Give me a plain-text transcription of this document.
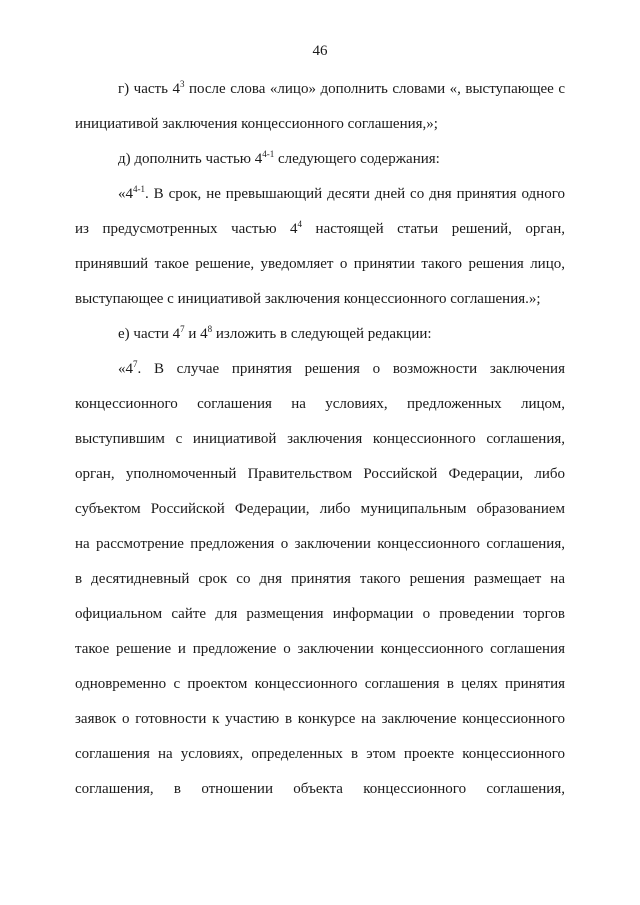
46
г) часть $4^3$ после слова «лицо» дополнить словами «, выступающее с
инициативой заключения концессионного соглашения,»;
д) дополнить частью 4$^{4-1}$ следующего содержания:
«4$^{4-1}$. В срок, не превышающий десяти дней со дня принятия одного
из предусмотренных частью $4^4$ настоящей статьи решений, орган,
принявший такое решение, уведомляет о принятии такого решения лицо,
выступающее с инициативой заключения концессионного соглашения.»;
е) части $4^7$ и $4^8$ изложить в следующей редакции:
«$4^7$. В случае принятия решения о возможности заключения
концессионного соглашения на условиях, предложенных лицом,
выступившим с инициативой заключения концессионного соглашения,
орган, уполномоченный Правительством Российской Федерации, либо
субъектом Российской Федерации, либо муниципальным образованием
на рассмотрение предложения о заключении концессионного соглашения,
в десятидневный срок со дня принятия такого решения размещает на
официальном сайте для размещения информации о проведении торгов
такое решение и предложение о заключении концессионного соглашения
одновременно с проектом концессионного соглашения в целях принятия
заявок о готовности к участию в конкурсе на заключение концессионного
соглашения на условиях, определенных в этом проекте концессионного
соглашения, в отношении объекта концессионного соглашения,
